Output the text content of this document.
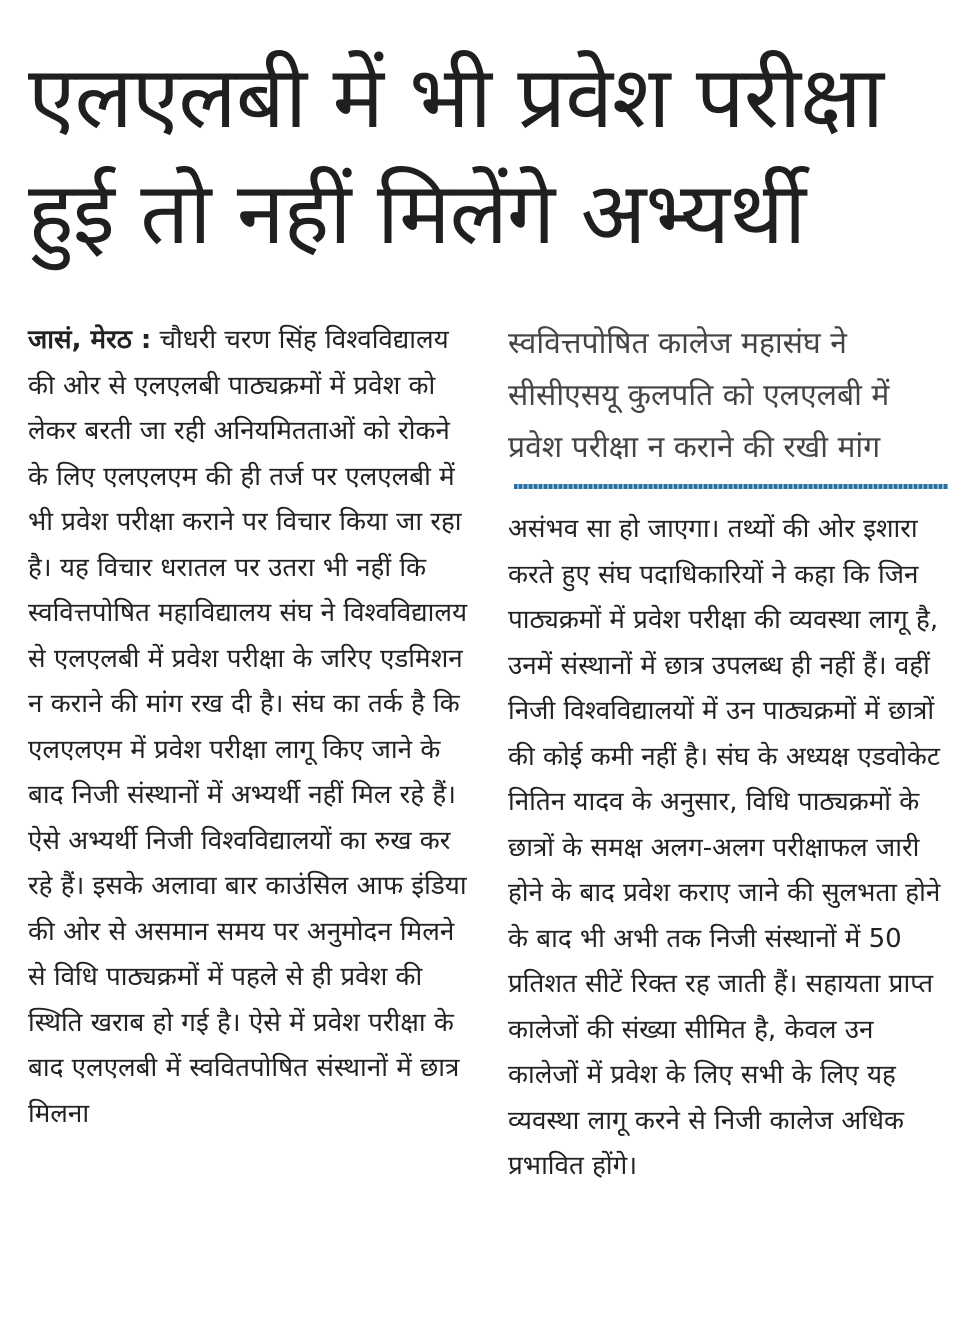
एलएलबी में भी प्रवेश परीक्षा हुई तो नहीं मिलेंगे अभ्यर्थी

जासं, मेरठ : चौधरी चरण सिंह विश्वविद्यालय की ओर से एलएलबी पाठ्यक्रमों में प्रवेश को लेकर बरती जा रही अनियमितताओं को रोकने के लिए एलएलएम की ही तर्ज पर एलएलबी में भी प्रवेश परीक्षा कराने पर विचार किया जा रहा है। यह विचार धरातल पर उतरा भी नहीं कि स्ववित्तपोषित महाविद्यालय संघ ने विश्वविद्यालय से एलएलबी में प्रवेश परीक्षा के जरिए एडमिशन न कराने की मांग रख दी है। संघ का तर्क है कि एलएलएम में प्रवेश परीक्षा लागू किए जाने के बाद निजी संस्थानों में अभ्यर्थी नहीं मिल रहे हैं। ऐसे अभ्यर्थी निजी विश्वविद्यालयों का रुख कर रहे हैं। इसके अलावा बार काउंसिल आफ इंडिया की ओर से असमान समय पर अनुमोदन मिलने से विधि पाठ्यक्रमों में पहले से ही प्रवेश की स्थिति खराब हो गई है। ऐसे में प्रवेश परीक्षा के बाद एलएलबी में स्ववितपोषित संस्थानों में छात्र मिलना

स्ववित्तपोषित कालेज महासंघ ने सीसीएसयू कुलपति को एलएलबी में प्रवेश परीक्षा न कराने की रखी मांग

असंभव सा हो जाएगा। तथ्यों की ओर इशारा करते हुए संघ पदाधिकारियों ने कहा कि जिन पाठ्यक्रमों में प्रवेश परीक्षा की व्यवस्था लागू है, उनमें संस्थानों में छात्र उपलब्ध ही नहीं हैं। वहीं निजी विश्वविद्यालयों में उन पाठ्यक्रमों में छात्रों की कोई कमी नहीं है। संघ के अध्यक्ष एडवोकेट नितिन यादव के अनुसार, विधि पाठ्यक्रमों के छात्रों के समक्ष अलग-अलग परीक्षाफल जारी होने के बाद प्रवेश कराए जाने की सुलभता होने के बाद भी अभी तक निजी संस्थानों में 50 प्रतिशत सीटें रिक्त रह जाती हैं। सहायता प्राप्त कालेजों की संख्या सीमित है, केवल उन कालेजों में प्रवेश के लिए सभी के लिए यह व्यवस्था लागू करने से निजी कालेज अधिक प्रभावित होंगे।
